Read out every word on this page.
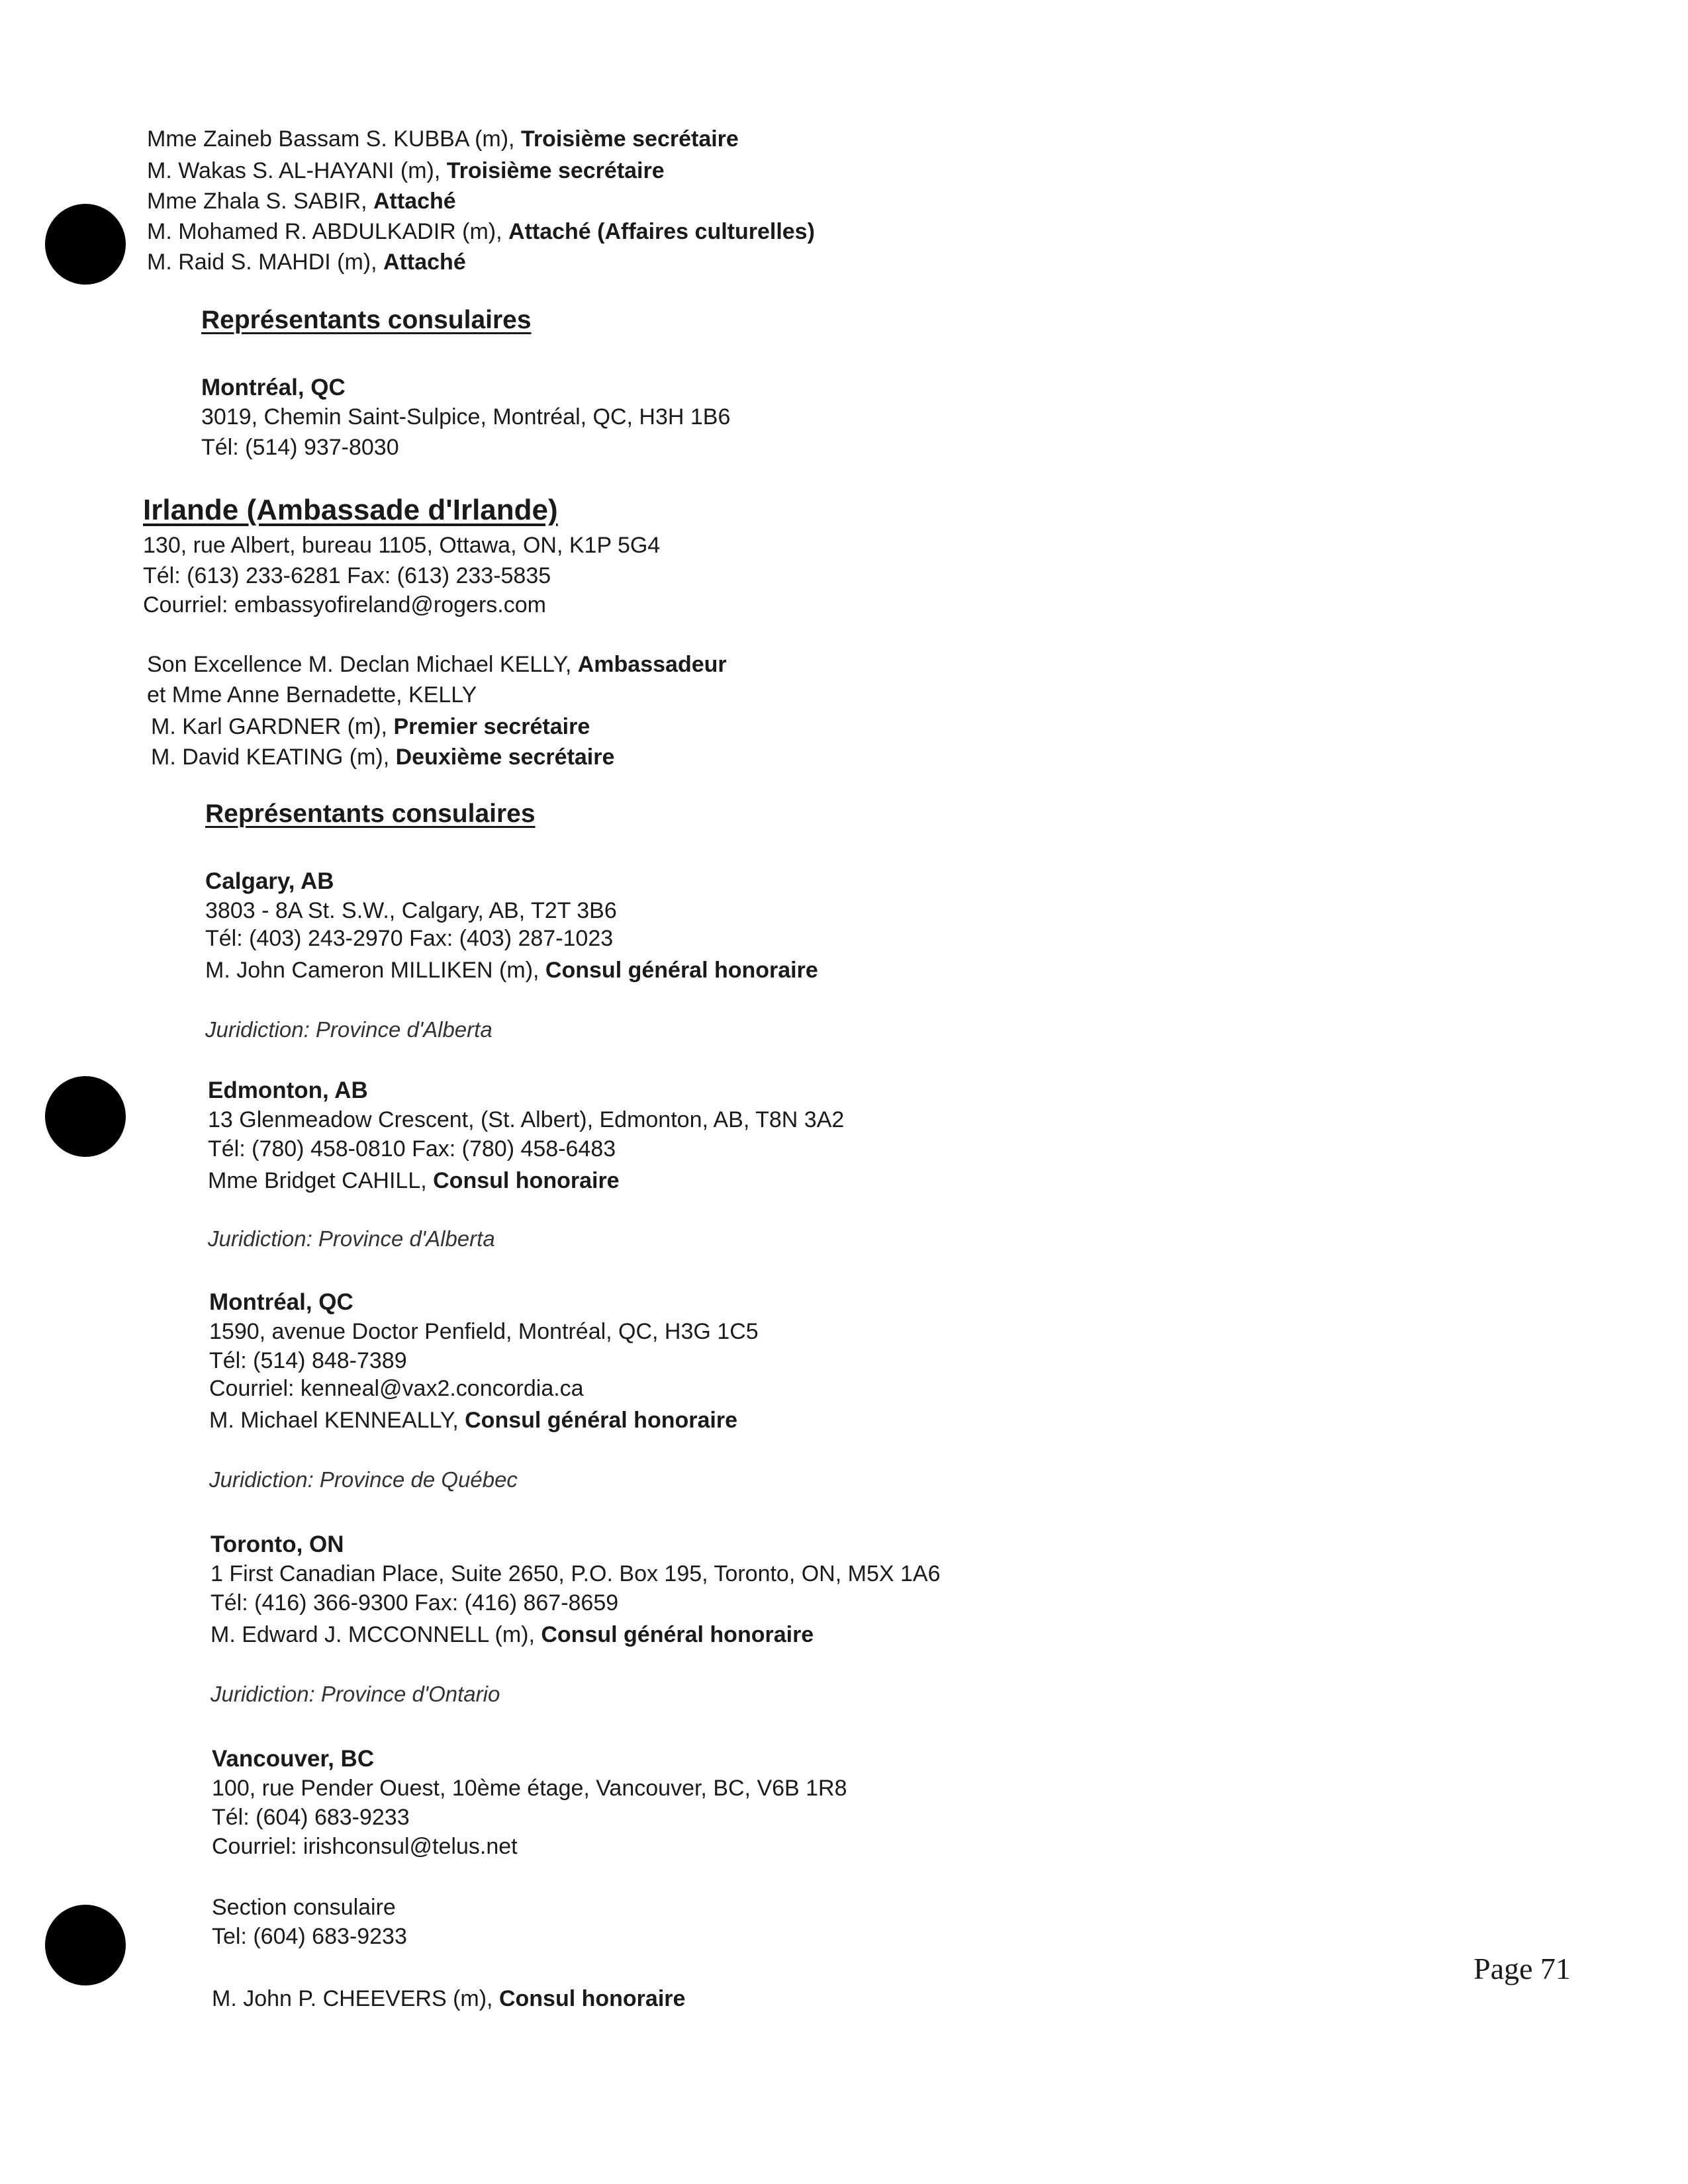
Mme Zaineb Bassam S. KUBBA (m), Troisième secrétaire
M. Wakas S. AL-HAYANI (m), Troisième secrétaire
Mme Zhala S. SABIR, Attaché
M. Mohamed R. ABDULKADIR (m), Attaché (Affaires culturelles)
M. Raid S. MAHDI (m), Attaché
Représentants consulaires
Montréal, QC
3019, Chemin Saint-Sulpice, Montréal, QC, H3H 1B6
Tél: (514) 937-8030
Irlande (Ambassade d'Irlande)
130, rue Albert, bureau 1105, Ottawa, ON, K1P 5G4
Tél: (613) 233-6281 Fax: (613) 233-5835
Courriel: embassyofireland@rogers.com
Son Excellence M. Declan Michael KELLY, Ambassadeur
et Mme Anne Bernadette, KELLY
M. Karl GARDNER (m), Premier secrétaire
M. David KEATING (m), Deuxième secrétaire
Représentants consulaires
Calgary, AB
3803 - 8A St. S.W., Calgary, AB, T2T 3B6
Tél: (403) 243-2970 Fax: (403) 287-1023
M. John Cameron MILLIKEN (m), Consul général honoraire
Juridiction: Province d'Alberta
Edmonton, AB
13 Glenmeadow Crescent, (St. Albert), Edmonton, AB, T8N 3A2
Tél: (780) 458-0810 Fax: (780) 458-6483
Mme Bridget CAHILL, Consul honoraire
Juridiction: Province d'Alberta
Montréal, QC
1590, avenue Doctor Penfield, Montréal, QC, H3G 1C5
Tél: (514) 848-7389
Courriel: kenneal@vax2.concordia.ca
M. Michael KENNEALLY, Consul général honoraire
Juridiction: Province de Québec
Toronto, ON
1 First Canadian Place, Suite 2650, P.O. Box 195, Toronto, ON, M5X 1A6
Tél: (416) 366-9300 Fax: (416) 867-8659
M. Edward J. MCCONNELL (m), Consul général honoraire
Juridiction: Province d'Ontario
Vancouver, BC
100, rue Pender Ouest, 10ème étage, Vancouver, BC, V6B 1R8
Tél: (604) 683-9233
Courriel: irishconsul@telus.net
Section consulaire
Tel: (604) 683-9233
M. John P. CHEEVERS (m), Consul honoraire
Page 71
